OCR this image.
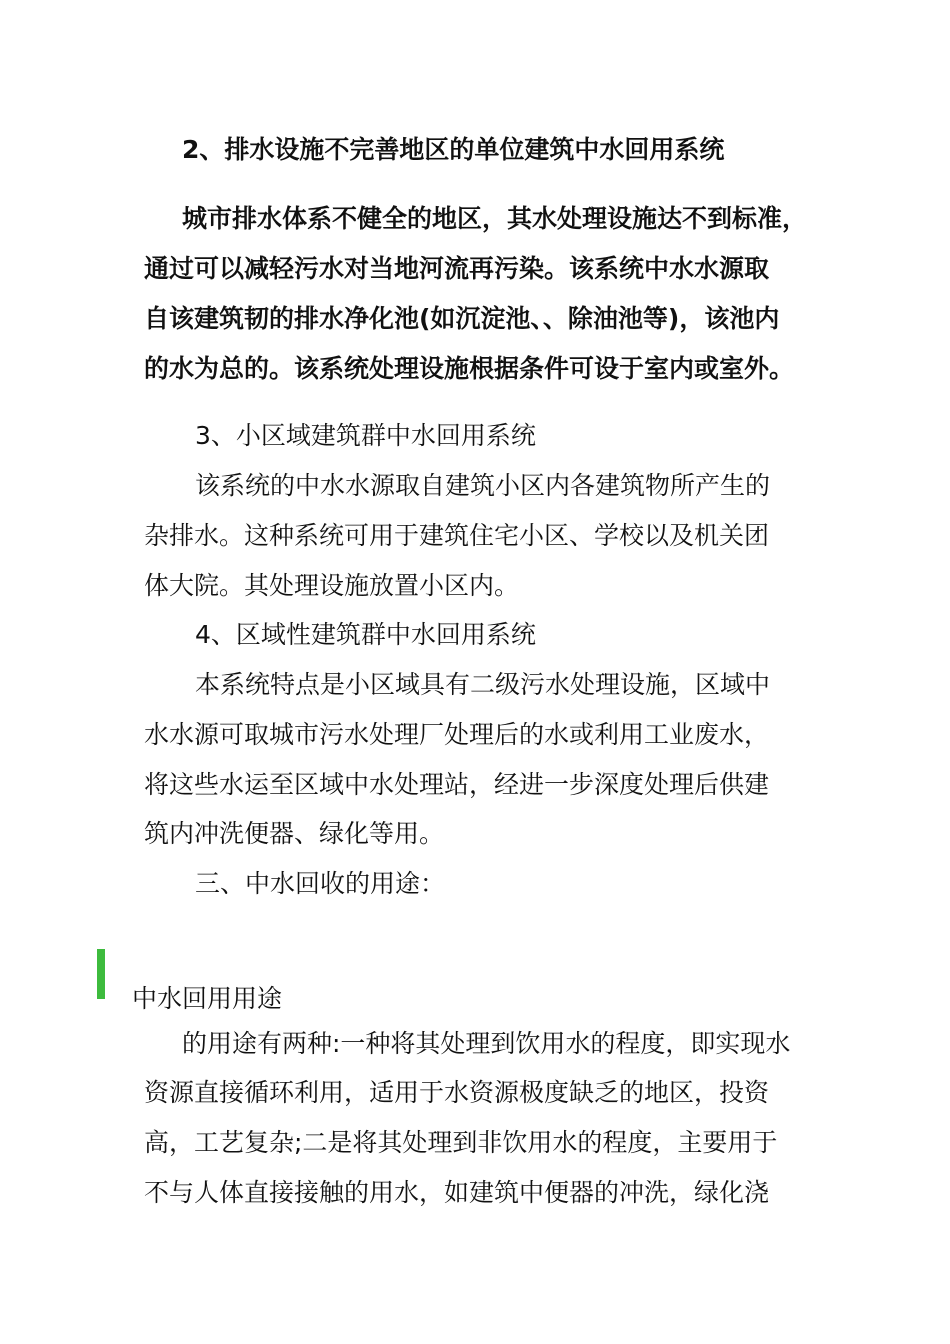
2、排水设施不完善地区的单位建筑中水回用系统

城市排水体系不健全的地区，其水处理设施达不到标准，

通过可以减轻污水对当地河流再污染。该系统中水水源取

自该建筑韧的排水净化池(如沉淀池、、除油池等)，该池内

的水为总的。该系统处理设施根据条件可设于室内或室外。

3、小区域建筑群中水回用系统

该系统的中水水源取自建筑小区内各建筑物所产生的

杂排水。这种系统可用于建筑住宅小区、学校以及机关团

体大院。其处理设施放置小区内。

4、区域性建筑群中水回用系统

本系统特点是小区域具有二级污水处理设施，区域中

水水源可取城市污水处理厂处理后的水或利用工业废水，

将这些水运至区域中水处理站，经进一步深度处理后供建

筑内冲洗便器、绿化等用。

三、中水回收的用途：

中水回用用途

的用途有两种:一种将其处理到饮用水的程度，即实现水

资源直接循环利用，适用于水资源极度缺乏的地区，投资

高，工艺复杂;二是将其处理到非饮用水的程度，主要用于

不与人体直接接触的用水，如建筑中便器的冲洗，绿化浇
